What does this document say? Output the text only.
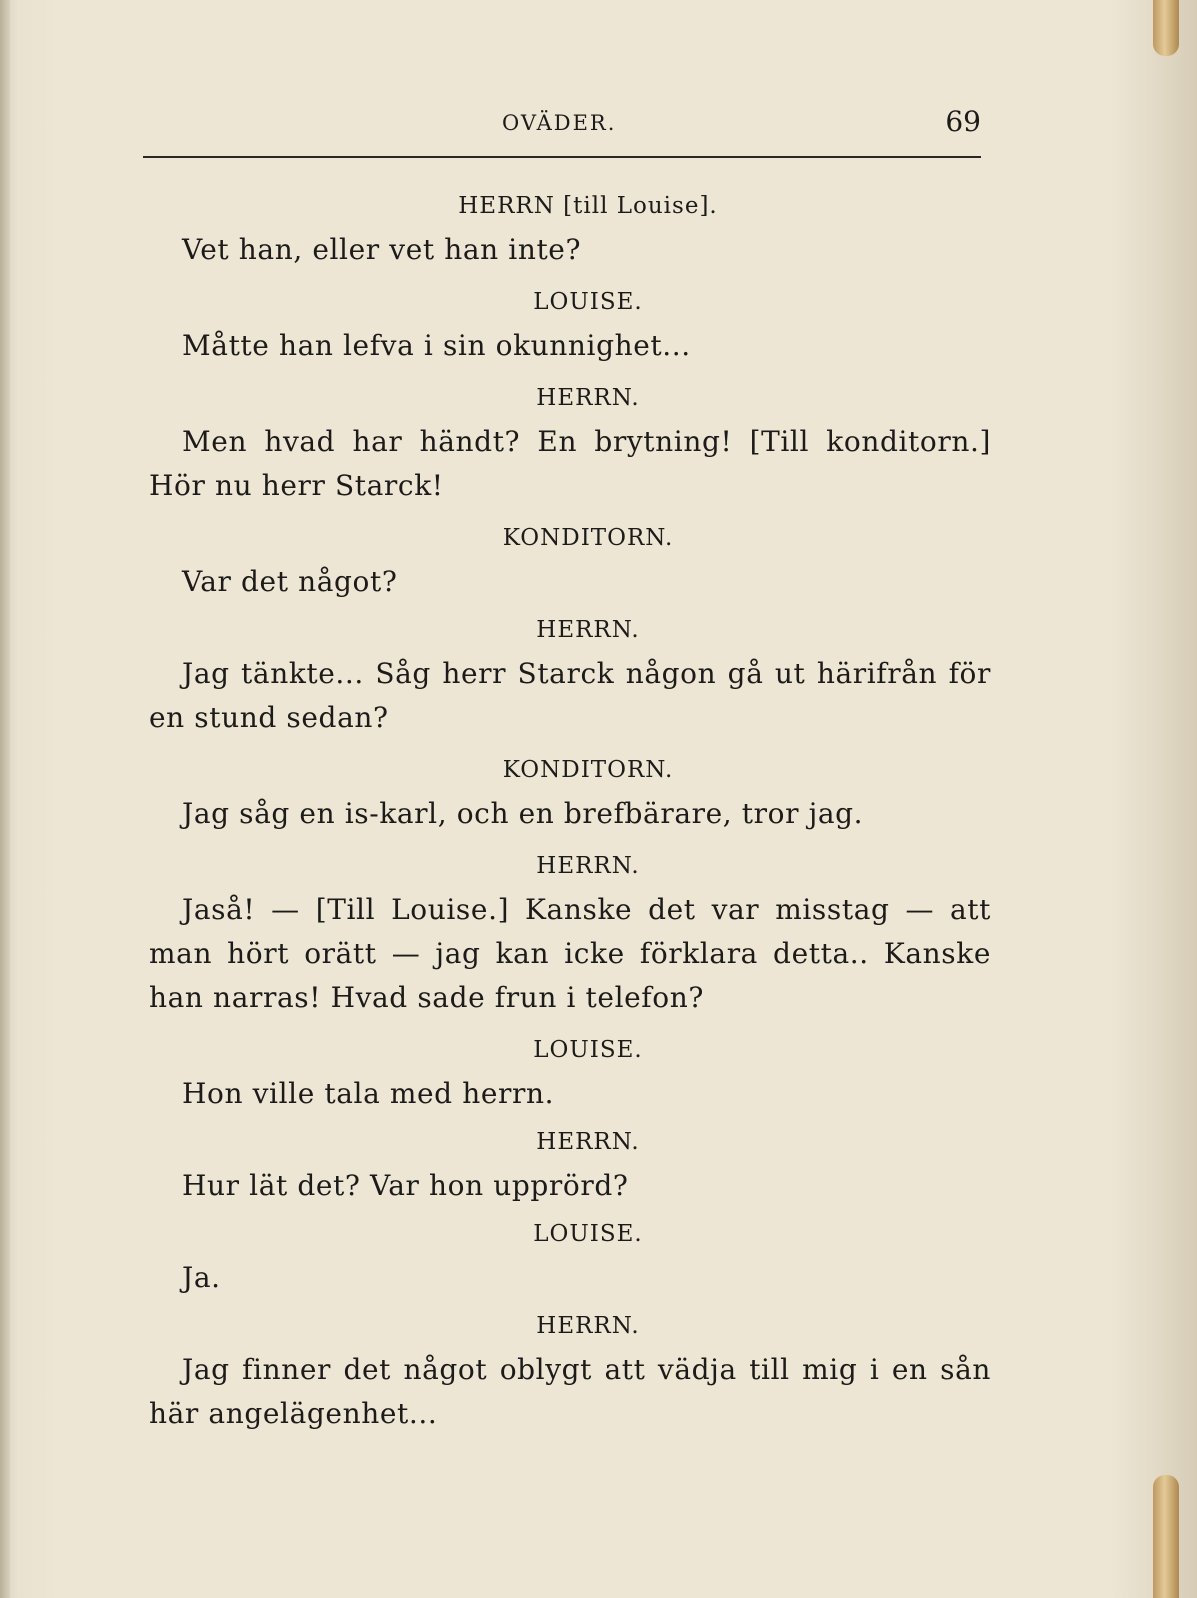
OVÄDER.	69
HERRN [till Louise].

Vet han, eller vet han inte?

LOUISE.

Måtte han lefva i sin okunnighet...

HERRN.

Men hvad har händt? En brytning! [Till konditorn.] Hör nu herr Starck!

KONDITORN.

Var det något?

HERRN.

Jag tänkte... Såg herr Starck någon gå ut härifrån för en stund sedan?

KONDITORN.

Jag såg en is-karl, och en brefbärare, tror jag.

HERRN.

Jaså! — [Till Louise.] Kanske det var misstag — att man hört orätt — jag kan icke förklara detta.. Kanske han narras! Hvad sade frun i telefon?

LOUISE.

Hon ville tala med herrn.

HERRN.

Hur lät det? Var hon upprörd?

LOUISE.

Ja.

HERRN.

Jag finner det något oblygt att vädja till mig i en sån här angelägenhet...
